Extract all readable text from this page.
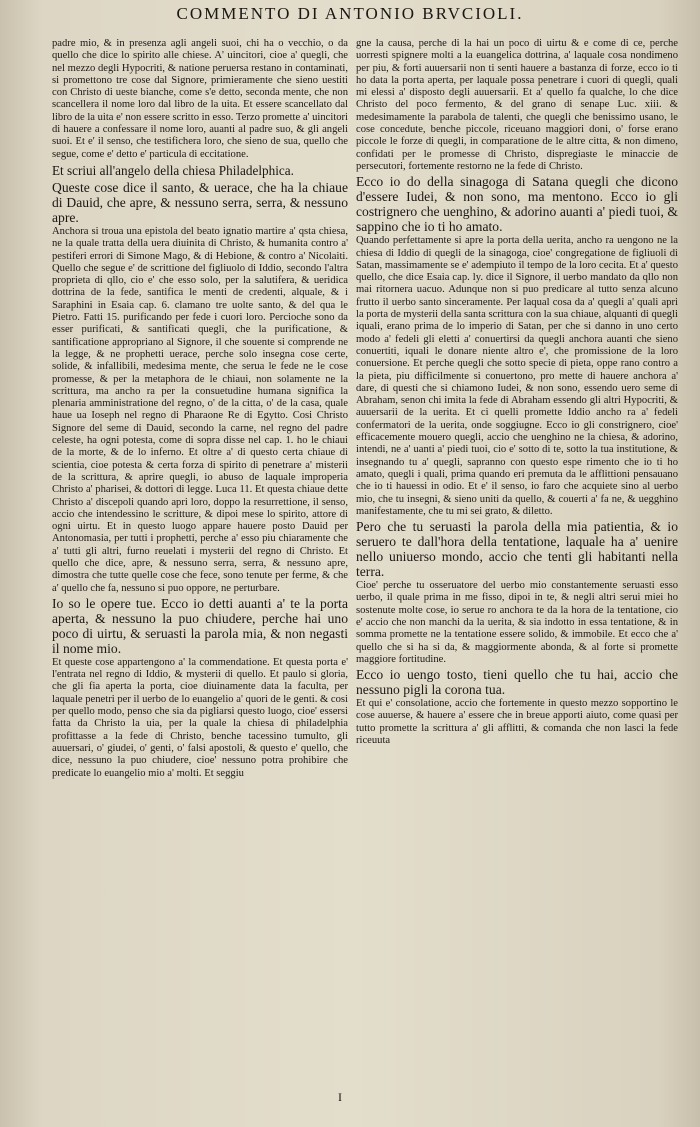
COMMENTO DI ANTONIO BRVCIOLI.

padre mio, & in presenza agli angeli suoi, chi ha o vecchio, o da quello che dice lo spirito alle chiese. A' uincitori, cioe a' quegli, che nel mezzo degli Hypocriti, & natione peruersa restano in contaminati, si promettono tre cose dal Signore, primieramente che sieno uestiti con Christo di ueste bianche, come s'e detto, seconda mente, che non scancellera il nome loro dal libro de la uita. Et essere scancellato dal libro de la uita e' non essere scritto in esso. Terzo promette a' uincitori di hauere a confessare il nome loro, auanti al padre suo, & gli angeli suoi. Et e' il senso, che testifichera loro, che sieno de sua, quello che segue, come e' detto e' particula di eccitatione.

Et scriui all'angelo della chiesa Philadelphica.

Queste cose dice il santo, & uerace, che ha la chiaue di Dauid, che apre, & nessuno serra, serra, & nessuno apre.

Anchora si troua una epistola del beato ignatio martire a' qsta chiesa, ne la quale tratta della uera diuinita di Christo, & humanita contro a' pestiferi errori di Simone Mago, & di Hebione, & contro a' Nicolaiti. Quello che segue e' de scrittione del figliuolo di Iddio, secondo l'altra proprieta di qllo, cio e' che esso solo, per la salutifera, & ueridica dottrina de la fede, santifica le menti de credenti, alquale, & i Saraphini in Esaia cap. 6. clamano tre uolte santo, & del qua le Pietro. Fatti 15. purificando per fede i cuori loro. Percioche sono da esser purificati, & santificati quegli, che la purificatione, & santificatione appropriano al Signore, il che souente si comprende ne la legge, & ne prophetti uerace, perche solo insegna cose certe, solide, & infallibili, medesima mente, che serua le fede ne le cose promesse, & per la metaphora de le chiaui, non solamente ne la scrittura, ma ancho ra per la consuetudine humana significa la plenaria amministratione del regno, o' de la citta, o' de la casa, quale haue ua Ioseph nel regno di Pharaone Re di Egytto. Cosi Christo Signore del seme di Dauid, secondo la carne, nel regno del padre celeste, ha ogni potesta, come di sopra disse nel cap. 1. ho le chiaui de la morte, & de lo inferno. Et oltre a' di questo certa chiaue di scientia, cioe potesta & certa forza di spirito di penetrare a' misterii de la scrittura, & aprire quegli, io abuso de laquale improperia Christo a' pharisei, & dottori di legge. Luca 11. Et questa chiaue dette Christo a' discepoli quando apri loro, doppo la resurrettione, il senso, accio che intendessino le scritture, & dipoi mese lo spirito, attore di ogni uirtu. Et in questo luogo appare hauere posto Dauid per Antonomasia, per tutti i prophetti, perche a' esso piu chiaramente che a' tutti gli altri, furno reuelati i mysterii del regno di Christo. Et quello che dice, apre, & nessuno serra, serra, & nessuno apre, dimostra che tutte quelle cose che fece, sono tenute per ferme, & che a' quello che fa, nessuno si puo oppore, ne perturbare.

Io so le opere tue. Ecco io detti auanti a' te la porta aperta, & nessuno la puo chiudere, perche hai uno poco di uirtu, & seruasti la parola mia, & non negasti il nome mio.

Et queste cose appartengono a' la commendatione. Et questa porta e' l'entrata nel regno di Iddio, & mysterii di quello. Et paulo si gloria, che gli fia aperta la porta, cioe diuinamente data la faculta, per laquale penetri per il uerbo de lo euangelio a' quori de le genti. & cosi per quello modo, penso che sia da pigliarsi questo luogo, cioe' essersi fatta da Christo la uia, per la quale la chiesa di philadelphia profittasse a la fede di Christo, benche tacessino tumulto, gli auuersari, o' giudei, o' genti, o' falsi apostoli, & questo e' quello, che dice, nessuno la puo chiudere, cioe' nessuno potra prohibire che predicate lo euangelio mio a' molti. Et seggiu

gne la causa, perche di la hai un poco di uirtu & e come di ce, perche uorresti spignere molti a la euangelica dottrina, a' laquale cosa nondimeno per piu, & forti auuersarii non ti senti hauere a bastanza di forze, ecco io ti ho data la porta aperta, per laquale possa penetrare i cuori di quegli, quali mi elessi a' disposto degli auuersarii. Et a' quello fa qualche, lo che dice Christo del poco fermento, & del grano di senape Luc. xiii. & medesimamente la parabola de talenti, che quegli che benissimo usano, le cose concedute, benche piccole, riceuano maggiori doni, o' forse erano piccole le forze di quegli, in comparatione de le altre citta, & non dimeno, confidati per le promesse di Christo, dispregiaste le minaccie de persecutori, fortemente restorno ne la fede di Christo.

Ecco io do della sinagoga di Satana quegli che dicono d'essere Iudei, & non sono, ma mentono. Ecco io gli costrignero che uenghino, & adorino auanti a' piedi tuoi, & sappino che io ti ho amato.

Quando perfettamente si apre la porta della uerita, ancho ra uengono ne la chiesa di Iddio di quegli de la sinagoga, cioe' congregatione de figliuoli di Satan, massimamente se e' adempiuto il tempo de la loro cecita. Et a' questo quello, che dice Esaia cap. ly. dice il Signore, il uerbo mandato da qllo non mai ritornera uacuo. Adunque non si puo predicare al tutto senza alcuno frutto il uerbo santo sinceramente. Per laqual cosa da a' quegli a' quali apri la porta de mysterii della santa scrittura con la sua chiaue, alquanti di quegli iquali, erano prima de lo imperio di Satan, per che si danno in uno certo modo a' fedeli gli eletti a' conuertirsi da quegli anchora auanti che sieno conuertiti, iquali le donare niente altro e', che promissione de la loro conuersione. Et perche quegli che sotto specie di pieta, oppe rano contro a la pieta, piu difficilmente si conuertono, pro mette di hauere anchora a' dare, di questi che si chiamono Iudei, & non sono, essendo uero seme di Abraham, senon chi imita la fede di Abraham essendo gli altri Hypocriti, & auuersarii de la uerita. Et ci quelli promette Iddio ancho ra a' fedeli confermatori de la uerita, onde soggiugne. Ecco io gli constrignero, cioe' efficacemente mouero quegli, accio che uenghino ne la chiesa, & adorino, intendi, ne a' uanti a' piedi tuoi, cio e' sotto di te, sotto la tua institutione, & insegnando tu a' quegli, sapranno con questo espe rimento che io ti ho amato, quegli i quali, prima quando eri premuta da le afflittioni pensauano che io ti hauessi in odio. Et e' il senso, io faro che acquiete sino al uerbo mio, che tu insegni, & sieno uniti da quello, & couerti a' fa ne, & uegghino manifestamente, che tu mi sei grato, & diletto.

Pero che tu seruasti la parola della mia patientia, & io seruero te dall'hora della tentatione, laquale ha a' uenire nello uniuerso mondo, accio che tenti gli habitanti nella terra.

Cioe' perche tu osseruatore del uerbo mio constantemente seruasti esso uerbo, il quale prima in me fisso, dipoi in te, & negli altri serui miei ho sostenute molte cose, io serue ro anchora te da la hora de la tentatione, cio e' accio che non manchi da la uerita, & sia indotto in essa tentatione, & in somma promette ne la tentatione essere solido, & immobile. Et ecco che a' quello che si ha si da, & maggiormente abonda, & al forte si promette maggiore fortitudine.

Ecco io uengo tosto, tieni quello che tu hai, accio che nessuno pigli la corona tua.

Et qui e' consolatione, accio che fortemente in questo mezzo sopportino le cose auuerse, & hauere a' essere che in breue apporti aiuto, come quasi per tutto promette la scrittura a' gli afflitti, & comanda che non lasci la fede riceuuta

I
